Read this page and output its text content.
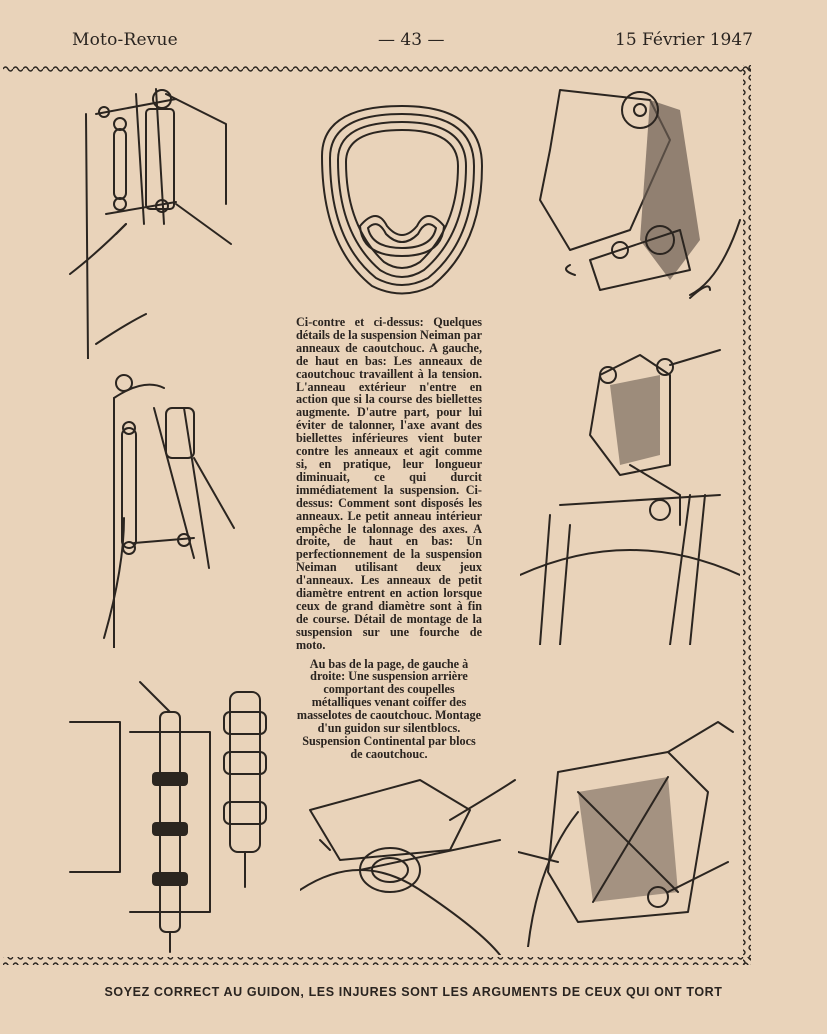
Moto-Revue	— 43 —	15 Février 1947

Ci-contre et ci-dessus: Quelques détails de la suspension Neiman par anneaux de caoutchouc. A gauche, de haut en bas: Les anneaux de caoutchouc travaillent à la tension. L'anneau extérieur n'entre en action que si la course des biellettes augmente. D'autre part, pour lui éviter de talonner, l'axe avant des biellettes inférieures vient buter contre les anneaux et agit comme si, en pratique, leur longueur diminuait, ce qui durcit immédiatement la suspension. Ci-dessus: Comment sont disposés les anneaux. Le petit anneau intérieur empêche le talonnage des axes. A droite, de haut en bas: Un perfectionnement de la suspension Neiman utilisant deux jeux d'anneaux. Les anneaux de petit diamètre entrent en action lorsque ceux de grand diamètre sont à fin de course. Détail de montage de la suspension sur une fourche de moto.

Au bas de la page, de gauche à droite: Une suspension arrière comportant des coupelles métalliques venant coiffer des masselotes de caoutchouc. Montage d'un guidon sur silentblocs. Suspension Continental par blocs de caoutchouc.

SOYEZ CORRECT AU GUIDON, LES INJURES SONT LES ARGUMENTS DE CEUX QUI ONT TORT
